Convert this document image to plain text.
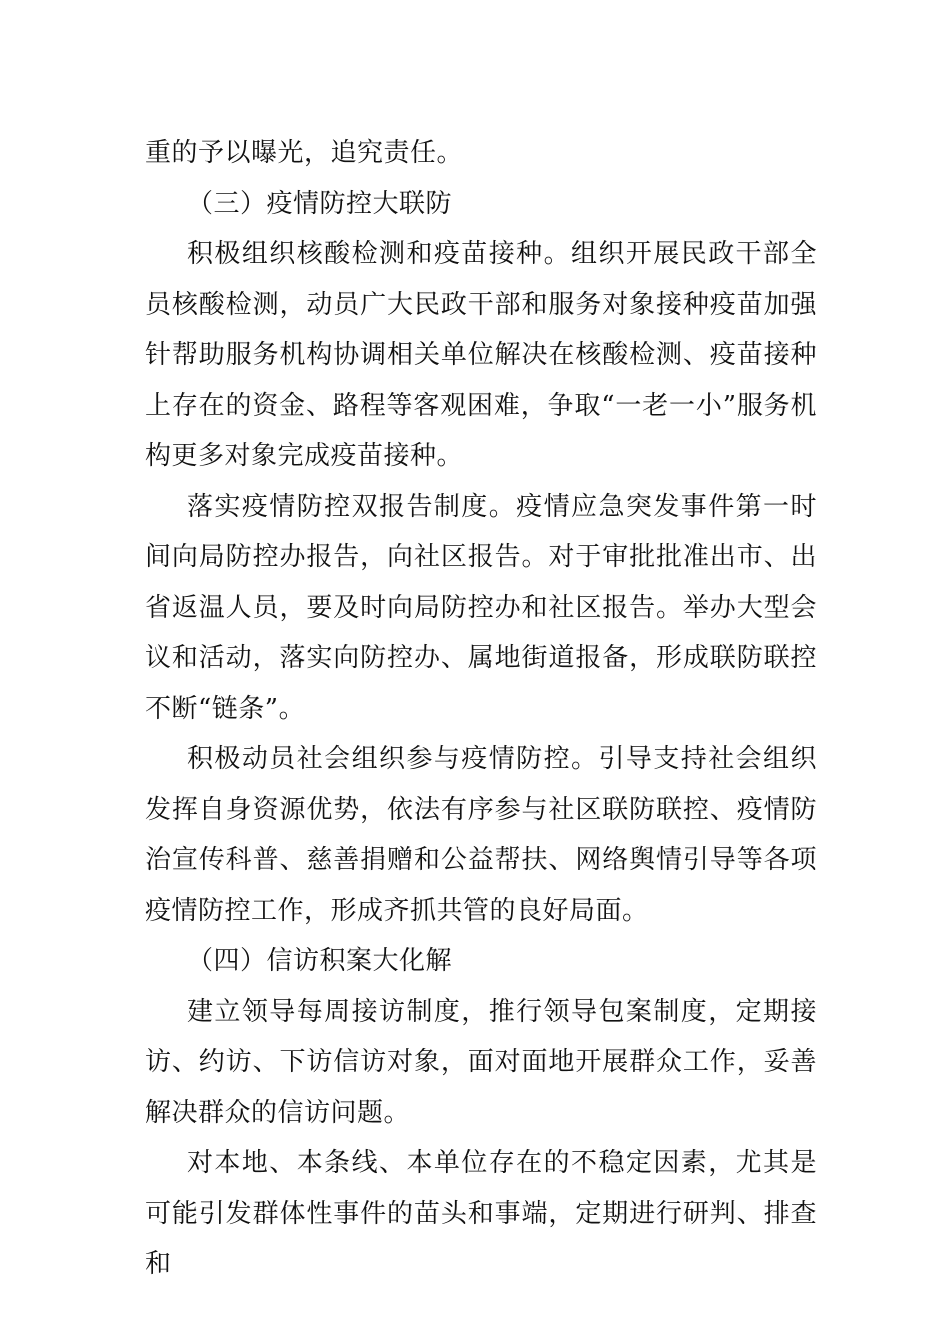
重的予以曝光，追究责任。

（三）疫情防控大联防

积极组织核酸检测和疫苗接种。组织开展民政干部全员核酸检测，动员广大民政干部和服务对象接种疫苗加强针帮助服务机构协调相关单位解决在核酸检测、疫苗接种上存在的资金、路程等客观困难，争取“一老一小”服务机构更多对象完成疫苗接种。

落实疫情防控双报告制度。疫情应急突发事件第一时间向局防控办报告，向社区报告。对于审批批准出市、出省返温人员，要及时向局防控办和社区报告。举办大型会议和活动，落实向防控办、属地街道报备，形成联防联控不断“链条”。

积极动员社会组织参与疫情防控。引导支持社会组织发挥自身资源优势，依法有序参与社区联防联控、疫情防治宣传科普、慈善捐赠和公益帮扶、网络舆情引导等各项疫情防控工作，形成齐抓共管的良好局面。

（四）信访积案大化解

建立领导每周接访制度，推行领导包案制度，定期接访、约访、下访信访对象，面对面地开展群众工作，妥善解决群众的信访问题。

对本地、本条线、本单位存在的不稳定因素，尤其是可能引发群体性事件的苗头和事端，定期进行研判、排查和
